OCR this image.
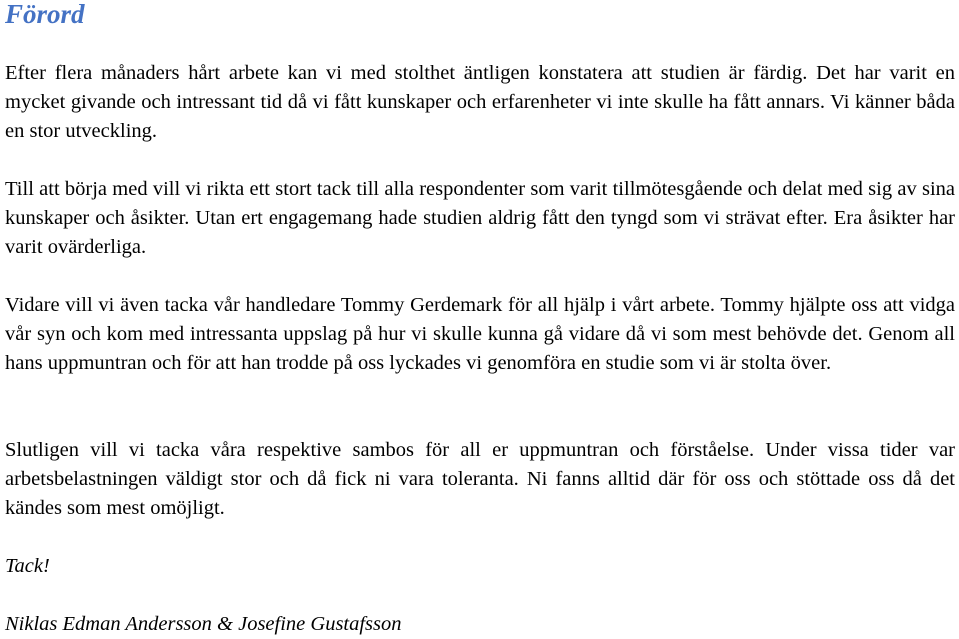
Förord

Efter flera månaders hårt arbete kan vi med stolthet äntligen konstatera att studien är färdig. Det har varit en mycket givande och intressant tid då vi fått kunskaper och erfarenheter vi inte skulle ha fått annars. Vi känner båda en stor utveckling.

Till att börja med vill vi rikta ett stort tack till alla respondenter som varit tillmötesgående och delat med sig av sina kunskaper och åsikter. Utan ert engagemang hade studien aldrig fått den tyngd som vi strävat efter. Era åsikter har varit ovärderliga.

Vidare vill vi även tacka vår handledare Tommy Gerdemark för all hjälp i vårt arbete. Tommy hjälpte oss att vidga vår syn och kom med intressanta uppslag på hur vi skulle kunna gå vidare då vi som mest behövde det. Genom all hans uppmuntran och för att han trodde på oss lyckades vi genomföra en studie som vi är stolta över.

Slutligen vill vi tacka våra respektive sambos för all er uppmuntran och förståelse. Under vissa tider var arbetsbelastningen väldigt stor och då fick ni vara toleranta. Ni fanns alltid där för oss och stöttade oss då det kändes som mest omöjligt.

Tack!

Niklas Edman Andersson & Josefine Gustafsson
